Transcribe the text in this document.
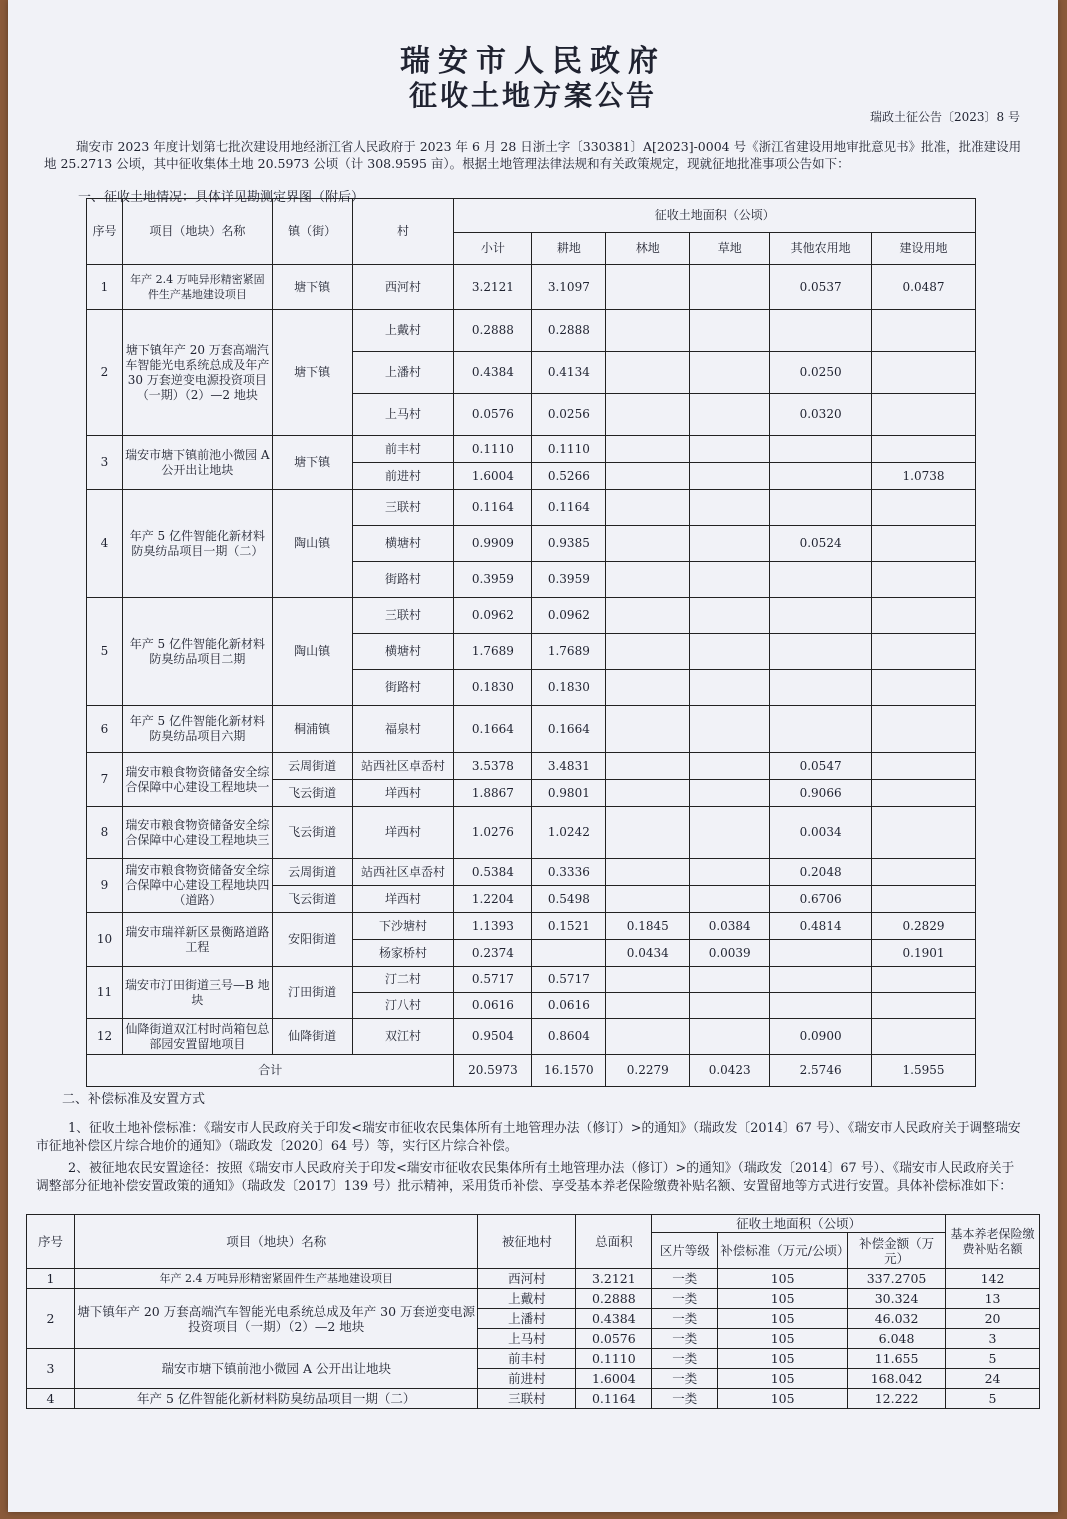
瑞安市人民政府
征收土地方案公告
瑞政土征公告〔2023〕8 号
瑞安市 2023 年度计划第七批次建设用地经浙江省人民政府于 2023 年 6 月 28 日浙土字〔330381〕A[2023]-0004 号《浙江省建设用地审批意见书》批准，批准建设用地 25.2713 公顷，其中征收集体土地 20.5973 公顷（计 308.9595 亩）。根据土地管理法律法规和有关政策规定，现就征地批准事项公告如下：
一、征收土地情况：具体详见勘测定界图（附后）
序号	项目（地块）名称	镇（街）	村	征收土地面积（公顷）					
				小计	耕地	林地	草地	其他农用地	建设用地
1	年产 2.4 万吨异形精密紧固件生产基地建设项目	塘下镇	西河村	3.2121	3.1097			0.0537	0.0487
2	塘下镇年产 20 万套高端汽车智能光电系统总成及年产 30 万套逆变电源投资项目（一期）（2）—2 地块	塘下镇	上戴村	0.2888	0.2888				
			上潘村	0.4384	0.4134			0.0250	
			上马村	0.0576	0.0256			0.0320	
3	瑞安市塘下镇前池小微园 A 公开出让地块	塘下镇	前丰村	0.1110	0.1110				
			前进村	1.6004	0.5266				1.0738
4	年产 5 亿件智能化新材料防臭纺品项目一期（二）	陶山镇	三联村	0.1164	0.1164				
			横塘村	0.9909	0.9385			0.0524	
			街路村	0.3959	0.3959				
5	年产 5 亿件智能化新材料防臭纺品项目二期	陶山镇	三联村	0.0962	0.0962				
			横塘村	1.7689	1.7689				
			街路村	0.1830	0.1830				
6	年产 5 亿件智能化新材料防臭纺品项目六期	桐浦镇	福泉村	0.1664	0.1664				
7	瑞安市粮食物资储备安全综合保障中心建设工程地块一	云周街道	站西社区卓岙村	3.5378	3.4831			0.0547	
		飞云街道	垟西村	1.8867	0.9801			0.9066	
8	瑞安市粮食物资储备安全综合保障中心建设工程地块三	飞云街道	垟西村	1.0276	1.0242			0.0034	
9	瑞安市粮食物资储备安全综合保障中心建设工程地块四（道路）	云周街道	站西社区卓岙村	0.5384	0.3336			0.2048	
		飞云街道	垟西村	1.2204	0.5498			0.6706	
10	瑞安市瑞祥新区景衡路道路工程	安阳街道	下沙塘村	1.1393	0.1521	0.1845	0.0384	0.4814	0.2829
			杨家桥村	0.2374		0.0434	0.0039		0.1901
11	瑞安市汀田街道三号—B 地块	汀田街道	汀二村	0.5717	0.5717				
			汀八村	0.0616	0.0616				
12	仙降街道双江村时尚箱包总部园安置留地项目	仙降街道	双江村	0.9504	0.8604			0.0900	
合计				20.5973	16.1570	0.2279	0.0423	2.5746	1.5955
二、补偿标准及安置方式
1、征收土地补偿标准：《瑞安市人民政府关于印发<瑞安市征收农民集体所有土地管理办法（修订）>的通知》（瑞政发〔2014〕67 号）、《瑞安市人民政府关于调整瑞安市征地补偿区片综合地价的通知》（瑞政发〔2020〕64 号）等，实行区片综合补偿。
2、被征地农民安置途径：按照《瑞安市人民政府关于印发<瑞安市征收农民集体所有土地管理办法（修订）>的通知》（瑞政发〔2014〕67 号）、《瑞安市人民政府关于调整部分征地补偿安置政策的通知》（瑞政发〔2017〕139 号）批示精神，采用货币补偿、享受基本养老保险缴费补贴名额、安置留地等方式进行安置。具体补偿标准如下：
序号	项目（地块）名称	被征地村	总面积	征收土地面积（公顷）			基本养老保险缴费补贴名额
				区片等级	补偿标准（万元/公顷）	补偿金额（万元）	

1	年产 2.4 万吨异形精密紧固件生产基地建设项目	西河村	3.2121	一类	105	337.2705	142
2	塘下镇年产 20 万套高端汽车智能光电系统总成及年产 30 万套逆变电源投资项目（一期）（2）—2 地块	上戴村	0.2888	一类	105	30.324	13
		上潘村	0.4384	一类	105	46.032	20
		上马村	0.0576	一类	105	6.048	3
3	瑞安市塘下镇前池小微园 A 公开出让地块	前丰村	0.1110	一类	105	11.655	5
		前进村	1.6004	一类	105	168.042	24
4	年产 5 亿件智能化新材料防臭纺品项目一期（二）	三联村	0.1164	一类	105	12.222	5
